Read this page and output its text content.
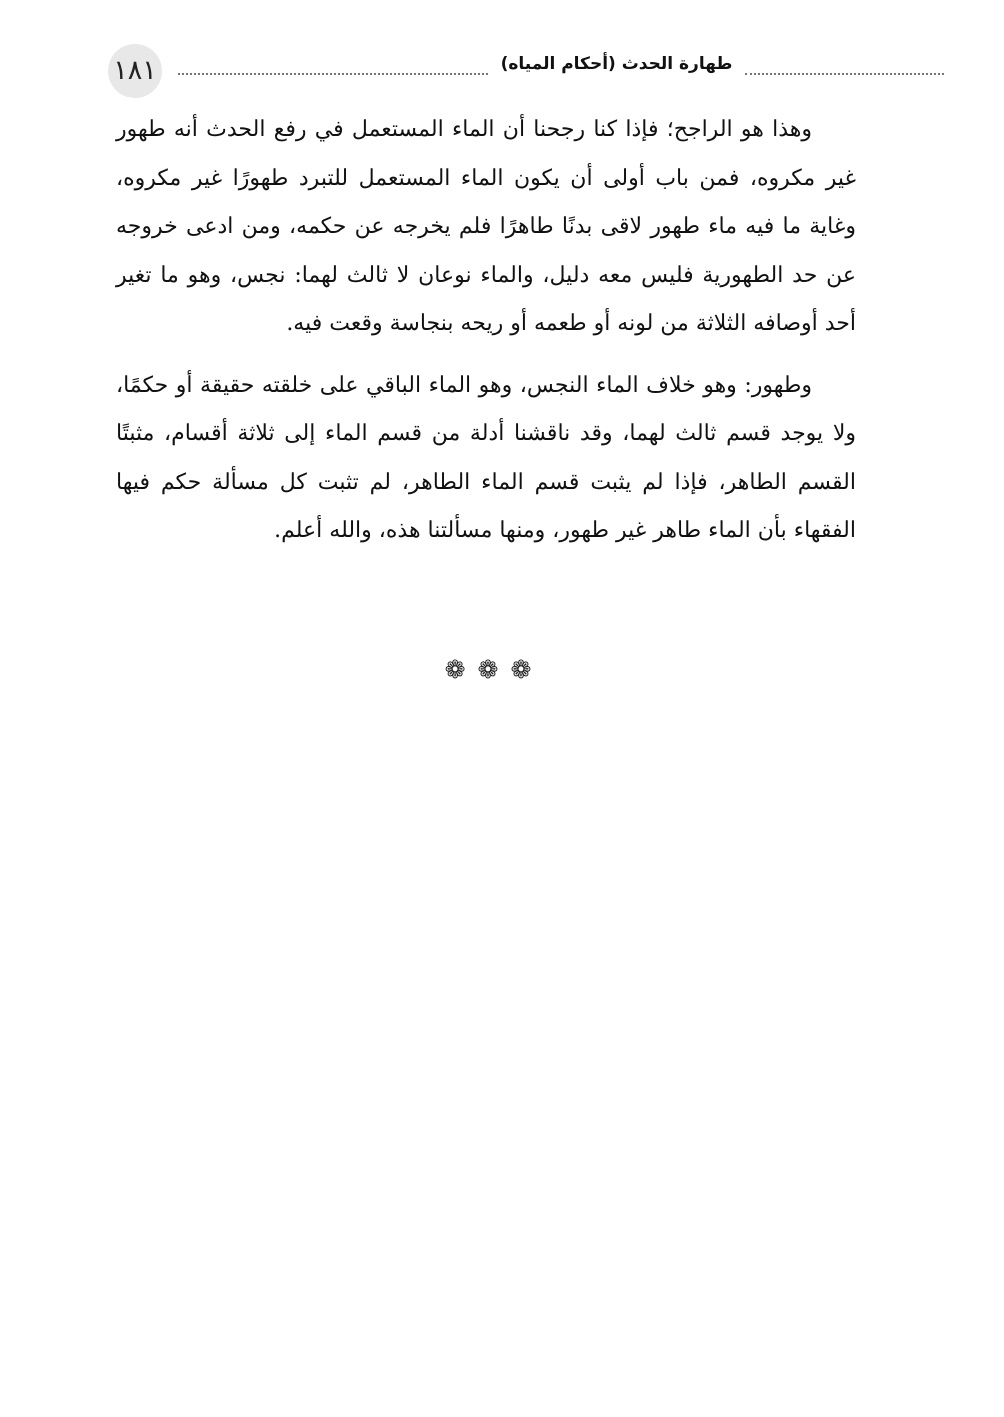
١٨١	طهارة الحدث (أحكام المياه)

وهذا هو الراجح؛ فإذا كنا رجحنا أن الماء المستعمل في رفع الحدث أنه طهور غير مكروه، فمن باب أولى أن يكون الماء المستعمل للتبرد طهورًا غير مكروه، وغاية ما فيه ماء طهور لاقى بدنًا طاهرًا فلم يخرجه عن حكمه، ومن ادعى خروجه عن حد الطهورية فليس معه دليل، والماء نوعان لا ثالث لهما: نجس، وهو ما تغير أحد أوصافه الثلاثة من لونه أو طعمه أو ريحه بنجاسة وقعت فيه.

وطهور: وهو خلاف الماء النجس، وهو الماء الباقي على خلقته حقيقة أو حكمًا، ولا يوجد قسم ثالث لهما، وقد ناقشنا أدلة من قسم الماء إلى ثلاثة أقسام، مثبتًا القسم الطاهر، فإذا لم يثبت قسم الماء الطاهر، لم تثبت كل مسألة حكم فيها الفقهاء بأن الماء طاهر غير طهور، ومنها مسألتنا هذه، والله أعلم.

❁ ❁ ❁
